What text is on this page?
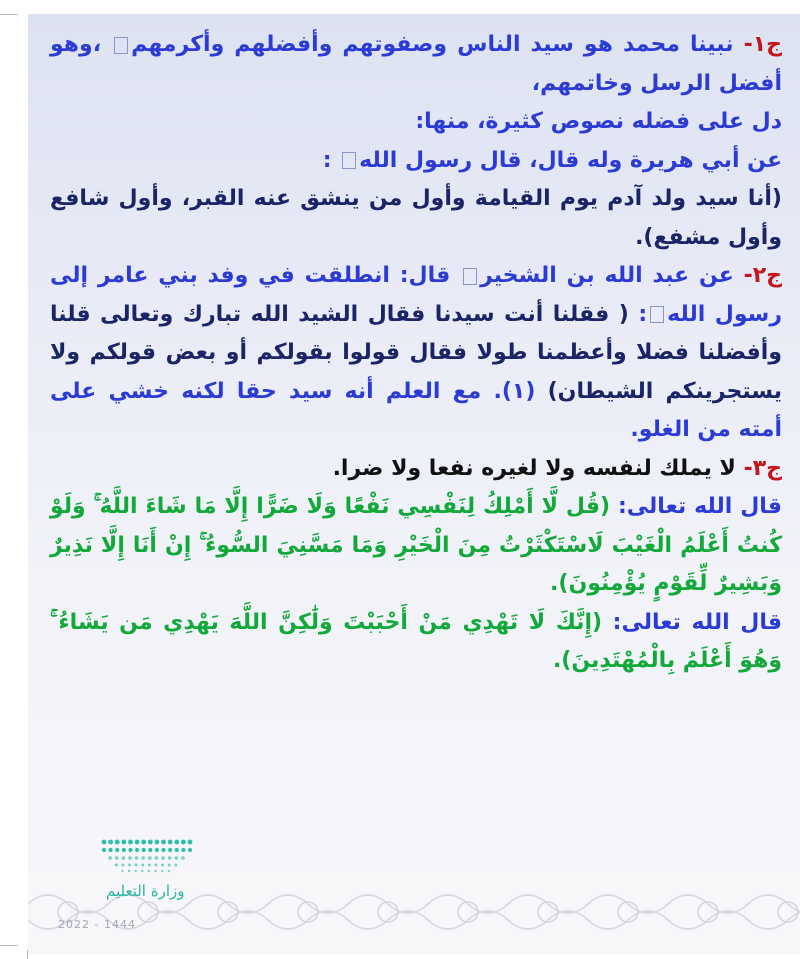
ج١- نبينا محمد هو سيد الناس وصفوتهم وأفضلهم وأكرمهم ،وهو أفضل الرسل وخاتمهم،

دل على فضله نصوص كثيرة، منها:

عن أبي هريرة وله قال، قال رسول الله :

(أنا سيد ولد آدم يوم القيامة وأول من ينشق عنه القبر، وأول شافع وأول مشفع).

ج٢- عن عبد الله بن الشخير قال: انطلقت في وفد بني عامر إلى رسول الله: ( فقلنا أنت سيدنا فقال الشيد الله تبارك وتعالى قلنا وأفضلنا فضلا وأعظمنا طولا فقال قولوا بقولكم أو بعض قولكم ولا يستجرينكم الشيطان) (١). مع العلم أنه سيد حقا لكنه خشي على أمته من الغلو.

ج٣- لا يملك لنفسه ولا لغيره نفعا ولا ضرا.

قال الله تعالى: (قُل لَّا أَمْلِكُ لِنَفْسِي نَفْعًا وَلَا ضَرًّا إِلَّا مَا شَاءَ اللَّهُ ۚ وَلَوْ كُنتُ أَعْلَمُ الْغَيْبَ لَاسْتَكْثَرْتُ مِنَ الْخَيْرِ وَمَا مَسَّنِيَ السُّوءُ ۚ إِنْ أَنَا إِلَّا نَذِيرٌ وَبَشِيرٌ لِّقَوْمٍ يُؤْمِنُونَ).

قال الله تعالى: (إِنَّكَ لَا تَهْدِي مَنْ أَحْبَبْتَ وَلَٰكِنَّ اللَّهَ يَهْدِي مَن يَشَاءُ ۚ وَهُوَ أَعْلَمُ بِالْمُهْتَدِينَ).

وزارة التعليم
2022 - 1444
